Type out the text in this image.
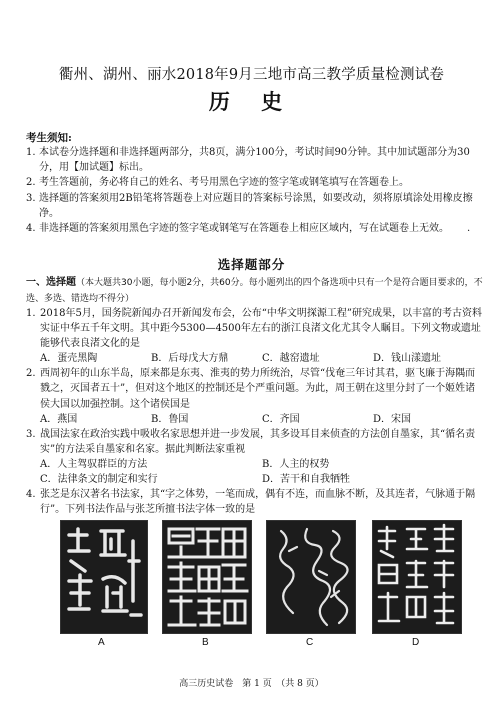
衢州、湖州、丽水2018年9月三地市高三教学质量检测试卷
历 史
考生须知:
1. 本试卷分选择题和非选择题两部分，共8页，满分100分，考试时间90分钟。其中加试题部分为30分，用【加试题】标出。
2. 考生答题前，务必将自己的姓名、考号用黑色字迹的签字笔或钢笔填写在答题卷上。
3. 选择题的答案须用2B铅笔将答题卷上对应题目的答案标号涂黑，如要改动，须将原填涂处用橡皮擦净。
4. 非选择题的答案须用黑色字迹的签字笔或钢笔写在答题卷上相应区域内，写在试题卷上无效。 .
选择题部分
一、选择题（本大题共30小题，每小题2分，共60分。每小题列出的四个备选项中只有一个是符合题目要求的，不选、多选、错选均不得分）
1. 2018年5月，国务院新闻办召开新闻发布会，公布“中华文明探源工程”研究成果，以丰富的考古资料实证中华五千年文明。其中距今5300—4500年左右的浙江良渚文化尤其令人瞩目。下列文物或遗址能够代表良渚文化的是
A．蛋壳黑陶	B．后母戊大方鼎	C．越窑遗址	D．钱山漾遗址
2. 西周初年的山东半岛，原来都是东夷、淮夷的势力所统治，尽管“伐奄三年讨其君，驱飞廉于海隅而戮之，灭国者五十”，但对这个地区的控制还是个严重问题。为此，周王朝在这里分封了一个姬姓诸侯大国以加强控制。这个诸侯国是
A．燕国	B．鲁国	C．齐国	D．宋国
3. 战国法家在政治实践中吸收名家思想并进一步发展，其多设耳目来侦查的方法创自墨家，其“循名责实”的方法采自墨家和名家。据此判断法家重视
A．人主驾驭群臣的方法	B．人主的权势
C．法律条文的制定和实行	D．苦干和自我牺牲
4. 张芝是东汉著名书法家，其“字之体势，一笔而成，偶有不连，而血脉不断，及其连者，气脉通于隔行”。下列书法作品与张芝所擅书法字体一致的是
A	B	C	D
高三历史试卷　第 1 页　（共 8 页）
